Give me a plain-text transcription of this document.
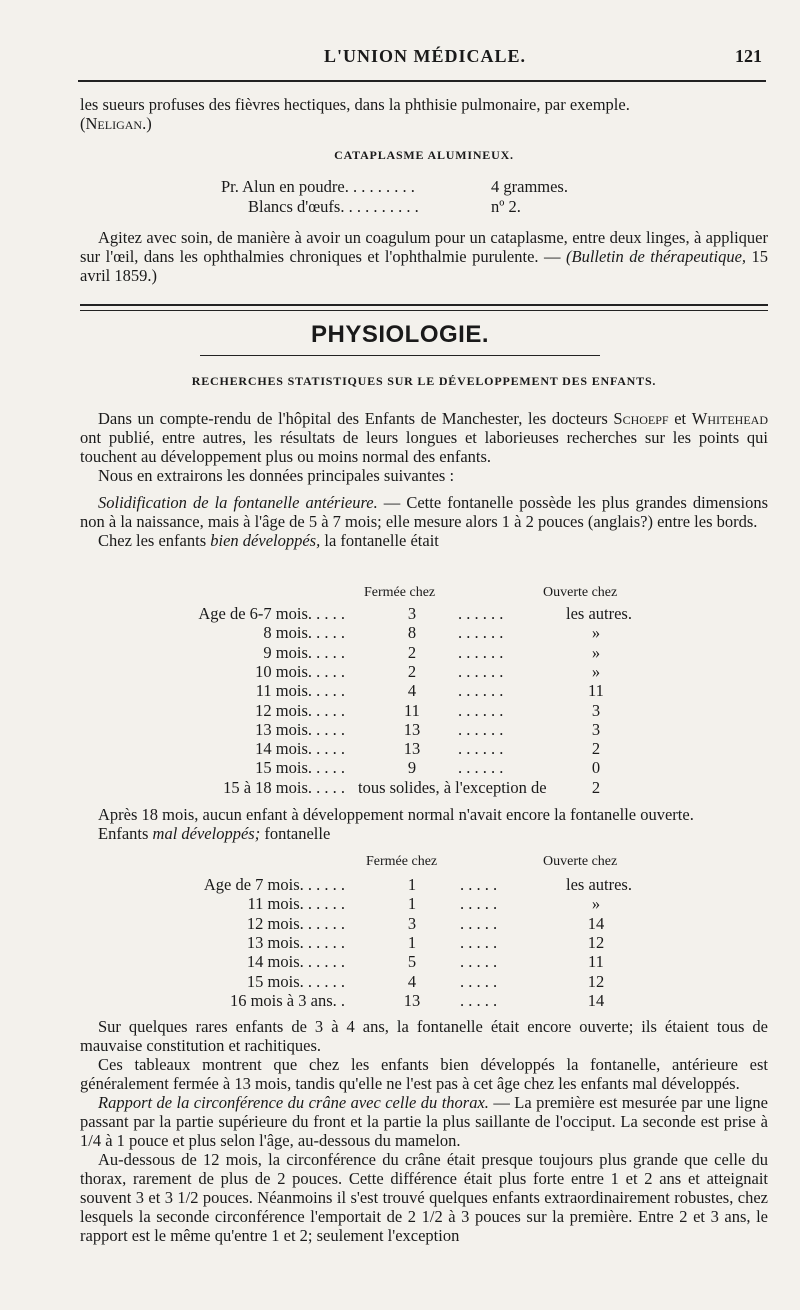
L'UNION MÉDICALE.	121

les sueurs profuses des fièvres hectiques, dans la phthisie pulmonaire, par exemple.
(Neligan.)

CATAPLASME ALUMINEUX.

Pr. Alun en poudre. . . . . . . . .	4 grammes.
Blancs d'œufs. . . . . . . . . .	nº 2.

Agitez avec soin, de manière à avoir un coagulum pour un cataplasme, entre deux linges, à appliquer sur l'œil, dans les ophthalmies chroniques et l'ophthalmie purulente. — (Bulletin de thérapeutique, 15 avril 1859.)

PHYSIOLOGIE.

RECHERCHES STATISTIQUES SUR LE DÉVELOPPEMENT DES ENFANTS.

Dans un compte-rendu de l'hôpital des Enfants de Manchester, les docteurs Schoepf et Whitehead ont publié, entre autres, les résultats de leurs longues et laborieuses recherches sur les points qui touchent au développement plus ou moins normal des enfants.

Nous en extrairons les données principales suivantes :

Solidification de la fontanelle antérieure. — Cette fontanelle possède les plus grandes dimensions non à la naissance, mais à l'âge de 5 à 7 mois; elle mesure alors 1 à 2 pouces (anglais?) entre les bords.

Chez les enfants bien développés, la fontanelle était

Fermée chez	Ouverte chez
Age de 6-7 mois. . . . .	3	. . . . . .	les autres.
8 mois. . . . .	8	. . . . . .	»
9 mois. . . . .	2	. . . . . .	»
10 mois. . . . .	2	. . . . . .	»
11 mois. . . . .	4	. . . . . .	11
12 mois. . . . .	11	. . . . . .	3
13 mois. . . . .	13	. . . . . .	3
14 mois. . . . .	13	. . . . . .	2
15 mois. . . . .	9	. . . . . .	0
15 à 18 mois. . . . . tous solides, à l'exception de	2

Après 18 mois, aucun enfant à développement normal n'avait encore la fontanelle ouverte.

Enfants mal développés; fontanelle

Fermée chez	Ouverte chez
Age de 7 mois. . . . . .	1	. . . . .	les autres.
11 mois. . . . . .	1	. . . . .	»
12 mois. . . . . .	3	. . . . .	14
13 mois. . . . . .	1	. . . . .	12
14 mois. . . . . .	5	. . . . .	11
15 mois. . . . . .	4	. . . . .	12
16 mois à 3 ans. .	13	. . . . .	14

Sur quelques rares enfants de 3 à 4 ans, la fontanelle était encore ouverte; ils étaient tous de mauvaise constitution et rachitiques.

Ces tableaux montrent que chez les enfants bien développés la fontanelle, antérieure est généralement fermée à 13 mois, tandis qu'elle ne l'est pas à cet âge chez les enfants mal développés.

Rapport de la circonférence du crâne avec celle du thorax. — La première est mesurée par une ligne passant par la partie supérieure du front et la partie la plus saillante de l'occiput. La seconde est prise à 1/4 à 1 pouce et plus selon l'âge, au-dessous du mamelon.

Au-dessous de 12 mois, la circonférence du crâne était presque toujours plus grande que celle du thorax, rarement de plus de 2 pouces. Cette différence était plus forte entre 1 et 2 ans et atteignait souvent 3 et 3 1/2 pouces. Néanmoins il s'est trouvé quelques enfants extraordinairement robustes, chez lesquels la seconde circonférence l'emportait de 2 1/2 à 3 pouces sur la première. Entre 2 et 3 ans, le rapport est le même qu'entre 1 et 2; seulement l'exception
